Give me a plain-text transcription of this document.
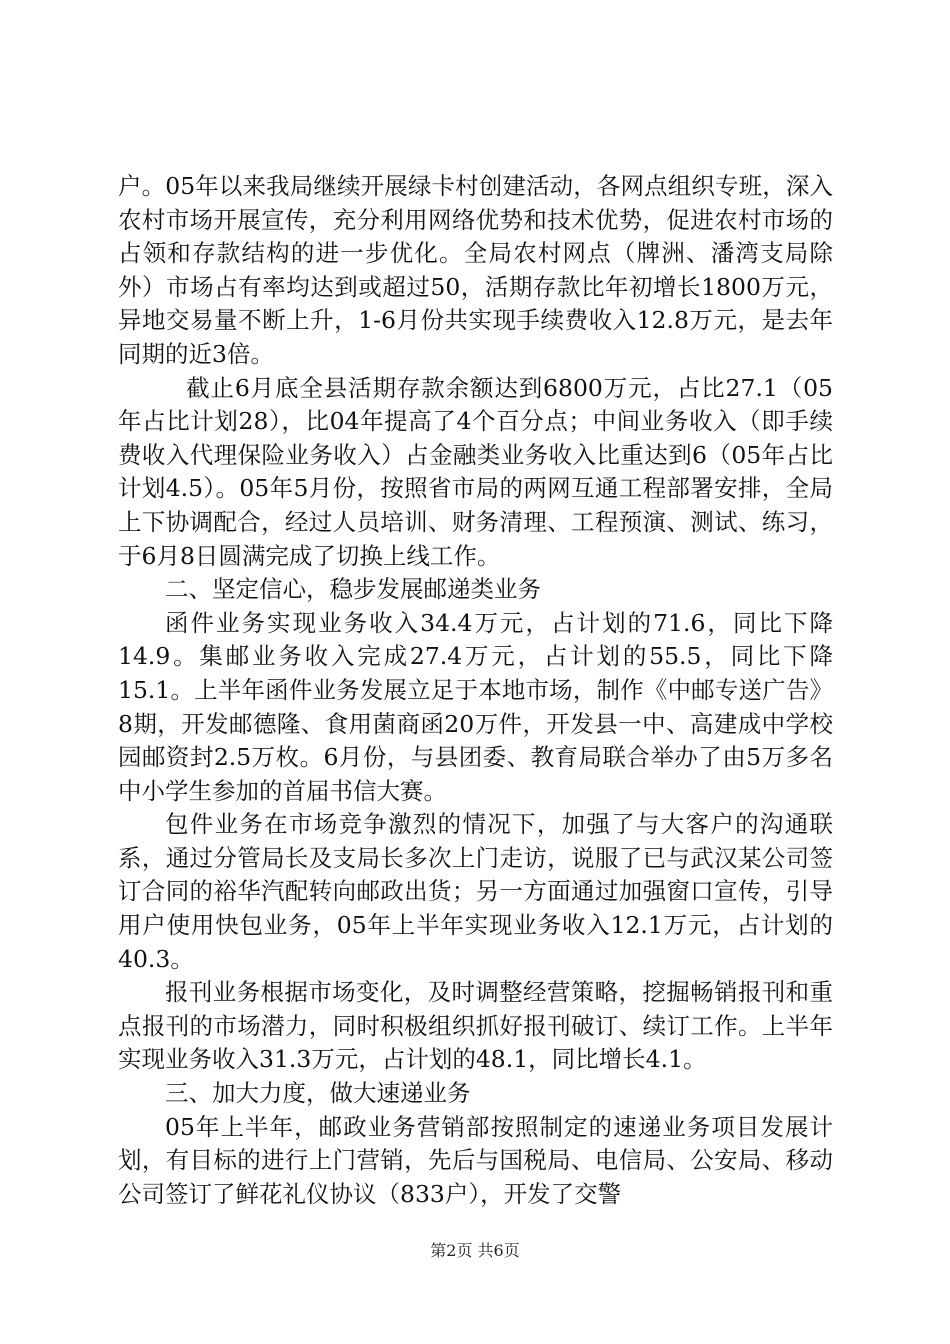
户。05年以来我局继续开展绿卡村创建活动，各网点组织专班，深入农村市场开展宣传，充分利用网络优势和技术优势，促进农村市场的占领和存款结构的进一步优化。全局农村网点（牌洲、潘湾支局除外）市场占有率均达到或超过50，活期存款比年初增长1800万元，异地交易量不断上升，1-6月份共实现手续费收入12.8万元，是去年同期的近3倍。

截止6月底全县活期存款余额达到6800万元，占比27.1（05年占比计划28），比04年提高了4个百分点；中间业务收入（即手续费收入代理保险业务收入）占金融类业务收入比重达到6（05年占比计划4.5）。05年5月份，按照省市局的两网互通工程部署安排，全局上下协调配合，经过人员培训、财务清理、工程预演、测试、练习，于6月8日圆满完成了切换上线工作。

二、坚定信心，稳步发展邮递类业务

函件业务实现业务收入34.4万元，占计划的71.6，同比下降14.9。集邮业务收入完成27.4万元，占计划的55.5，同比下降15.1。上半年函件业务发展立足于本地市场，制作《中邮专送广告》8期，开发邮德隆、食用菌商函20万件，开发县一中、高建成中学校园邮资封2.5万枚。6月份，与县团委、教育局联合举办了由5万多名中小学生参加的首届书信大赛。

包件业务在市场竞争激烈的情况下，加强了与大客户的沟通联系，通过分管局长及支局长多次上门走访，说服了已与武汉某公司签订合同的裕华汽配转向邮政出货；另一方面通过加强窗口宣传，引导用户使用快包业务，05年上半年实现业务收入12.1万元，占计划的40.3。

报刊业务根据市场变化，及时调整经营策略，挖掘畅销报刊和重点报刊的市场潜力，同时积极组织抓好报刊破订、续订工作。上半年实现业务收入31.3万元，占计划的48.1，同比增长4.1。

三、加大力度，做大速递业务

05年上半年，邮政业务营销部按照制定的速递业务项目发展计划，有目标的进行上门营销，先后与国税局、电信局、公安局、移动公司签订了鲜花礼仪协议（833户），开发了交警

第2页 共6页
